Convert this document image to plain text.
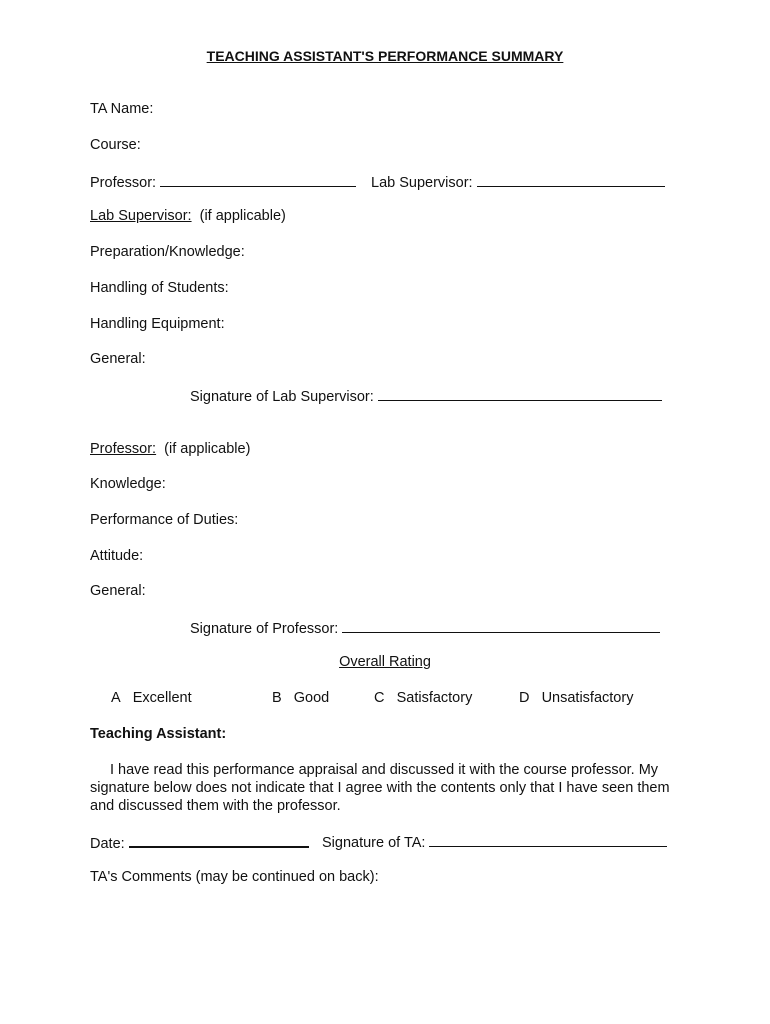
TEACHING ASSISTANT'S PERFORMANCE SUMMARY
TA Name:
Course:
Professor:	Lab Supervisor:
Lab Supervisor: (if applicable)
Preparation/Knowledge:
Handling of Students:
Handling Equipment:
General:
Signature of Lab Supervisor:
Professor: (if applicable)
Knowledge:
Performance of Duties:
Attitude:
General:
Signature of Professor:
Overall Rating
A Excellent	B Good	C Satisfactory	D Unsatisfactory
Teaching Assistant:
I have read this performance appraisal and discussed it with the course professor. My signature below does not indicate that I agree with the contents only that I have seen them and discussed them with the professor.
Date:	Signature of TA:
TA's Comments (may be continued on back):
